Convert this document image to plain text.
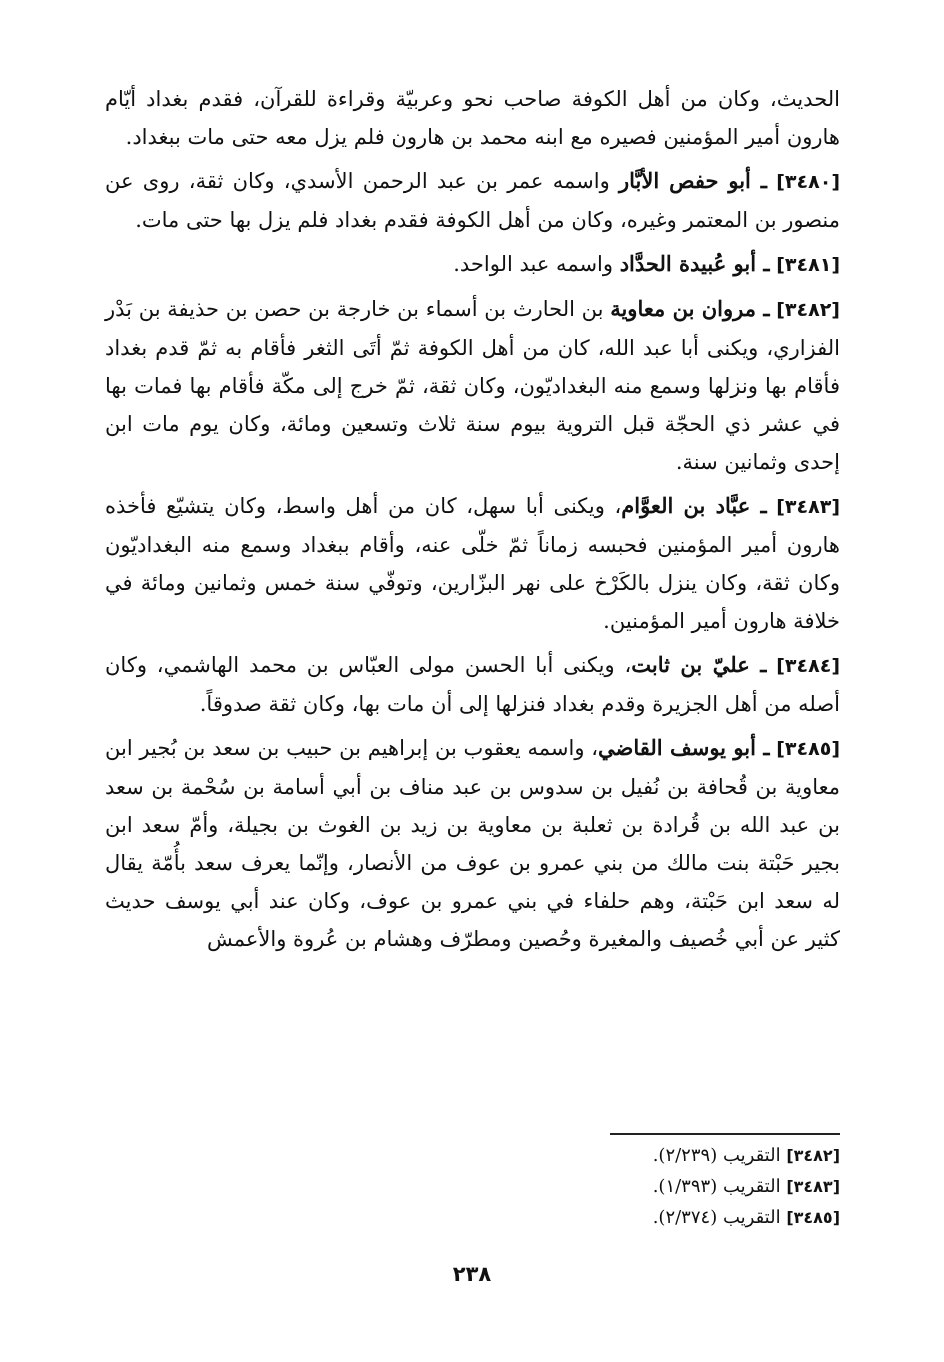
الحديث، وكان من أهل الكوفة صاحب نحو وعربيّة وقراءة للقرآن، فقدم بغداد أيّام هارون أمير المؤمنين فصيره مع ابنه محمد بن هارون فلم يزل معه حتى مات ببغداد.

[٣٤٨٠] ـ أبو حفص الأبَّار واسمه عمر بن عبد الرحمن الأسدي، وكان ثقة، روى عن منصور بن المعتمر وغيره، وكان من أهل الكوفة فقدم بغداد فلم يزل بها حتى مات.

[٣٤٨١] ـ أبو عُبيدة الحدَّاد واسمه عبد الواحد.

[٣٤٨٢] ـ مروان بن معاوية بن الحارث بن أسماء بن خارجة بن حصن بن حذيفة بن بَدْر الفزاري، ويكنى أبا عبد الله، كان من أهل الكوفة ثمّ أتَى الثغر فأقام به ثمّ قدم بغداد فأقام بها ونزلها وسمع منه البغداديّون، وكان ثقة، ثمّ خرج إلى مكّة فأقام بها فمات بها في عشر ذي الحجّة قبل التروية بيوم سنة ثلاث وتسعين ومائة، وكان يوم مات ابن إحدى وثمانين سنة.

[٣٤٨٣] ـ عبَّاد بن العوَّام، ويكنى أبا سهل، كان من أهل واسط، وكان يتشيّع فأخذه هارون أمير المؤمنين فحبسه زماناً ثمّ خلّى عنه، وأقام ببغداد وسمع منه البغداديّون وكان ثقة، وكان ينزل بالكَرْخ على نهر البزّارين، وتوفّي سنة خمس وثمانين ومائة في خلافة هارون أمير المؤمنين.

[٣٤٨٤] ـ عليّ بن ثابت، ويكنى أبا الحسن مولى العبّاس بن محمد الهاشمي، وكان أصله من أهل الجزيرة وقدم بغداد فنزلها إلى أن مات بها، وكان ثقة صدوقاً.

[٣٤٨٥] ـ أبو يوسف القاضي، واسمه يعقوب بن إبراهيم بن حبيب بن سعد بن بُجير ابن معاوية بن قُحافة بن نُفيل بن سدوس بن عبد مناف بن أبي أسامة بن سُحْمة بن سعد بن عبد الله بن قُرادة بن ثعلبة بن معاوية بن زيد بن الغوث بن بجيلة، وأمّ سعد ابن بجير حَبْتة بنت مالك من بني عمرو بن عوف من الأنصار، وإنّما يعرف سعد بأُمّة يقال له سعد ابن حَبْتة، وهم حلفاء في بني عمرو بن عوف، وكان عند أبي يوسف حديث كثير عن أبي خُصيف والمغيرة وحُصين ومطرّف وهشام بن عُروة والأعمش

[٣٤٨٢] التقريب (٢/٢٣٩).

[٣٤٨٣] التقريب (١/٣٩٣).

[٣٤٨٥] التقريب (٢/٣٧٤).

٢٣٨
